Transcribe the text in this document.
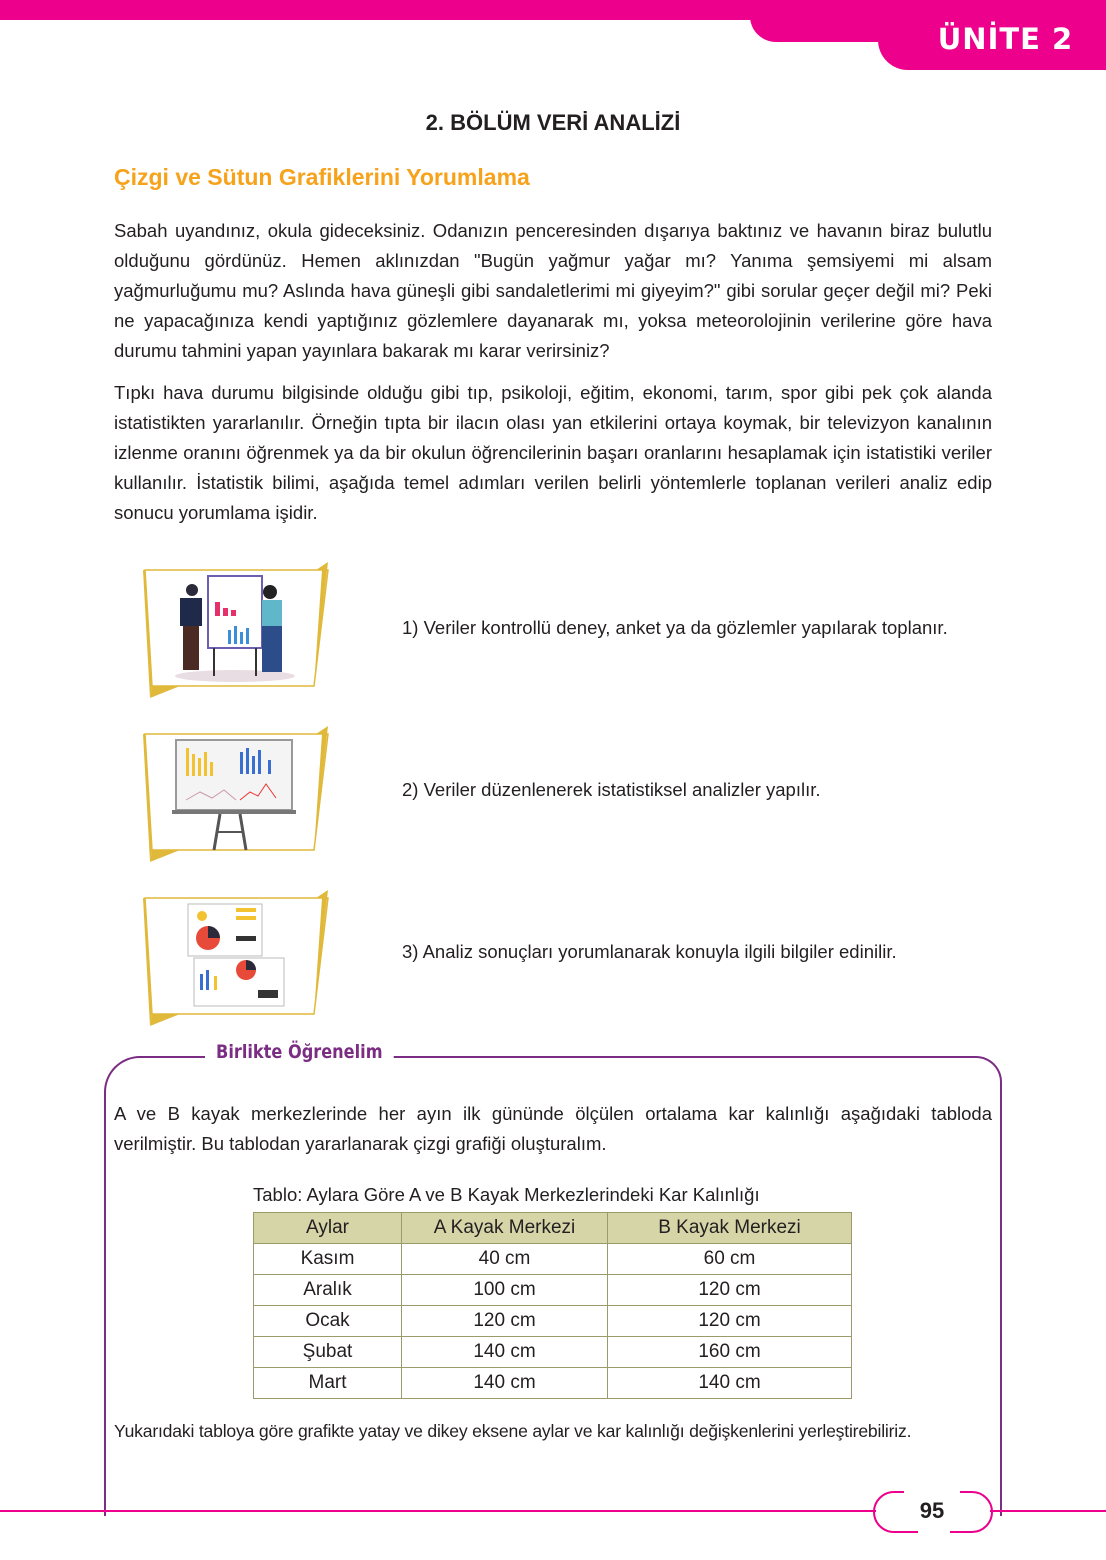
ÜNİTE 2
2. BÖLÜM VERİ ANALİZİ
Çizgi ve Sütun Grafiklerini Yorumlama
Sabah uyandınız, okula gideceksiniz. Odanızın penceresinden dışarıya baktınız ve havanın biraz bulutlu olduğunu gördünüz. Hemen aklınızdan "Bugün yağmur yağar mı? Yanıma şemsiyemi mi alsam yağmurluğumu mu? Aslında hava güneşli gibi sandaletlerimi mi giyeyim?" gibi sorular geçer değil mi? Peki ne yapacağınıza kendi yaptığınız gözlemlere dayanarak mı, yoksa meteorolojinin verilerine göre hava durumu tahmini yapan yayınlara bakarak mı karar verirsiniz?
Tıpkı hava durumu bilgisinde olduğu gibi tıp, psikoloji, eğitim, ekonomi, tarım, spor gibi pek çok alanda istatistikten yararlanılır. Örneğin tıpta bir ilacın olası yan etkilerini ortaya koymak, bir televizyon kanalının izlenme oranını öğrenmek ya da bir okulun öğrencilerinin başarı oranlarını hesaplamak için istatistiki veriler kullanılır. İstatistik bilimi, aşağıda temel adımları verilen belirli yöntemlerle toplanan verileri analiz edip sonucu yorumlama işidir.
1) Veriler kontrollü deney, anket ya da gözlemler yapılarak toplanır.
2) Veriler düzenlenerek istatistiksel analizler yapılır.
3) Analiz sonuçları yorumlanarak konuyla ilgili bilgiler edinilir.
Birlikte Öğrenelim
A ve B kayak merkezlerinde her ayın ilk gününde ölçülen ortalama kar kalınlığı aşağıdaki tabloda verilmiştir. Bu tablodan yararlanarak çizgi grafiği oluşturalım.
Tablo: Aylara Göre A ve B Kayak Merkezlerindeki Kar Kalınlığı
Aylar	A Kayak Merkezi	B Kayak Merkezi
Kasım	40 cm	60 cm
Aralık	100 cm	120 cm
Ocak	120 cm	120 cm
Şubat	140 cm	160 cm
Mart	140 cm	140 cm
Yukarıdaki tabloya göre grafikte yatay ve dikey eksene aylar ve kar kalınlığı değişkenlerini yerleştirebiliriz.
95
